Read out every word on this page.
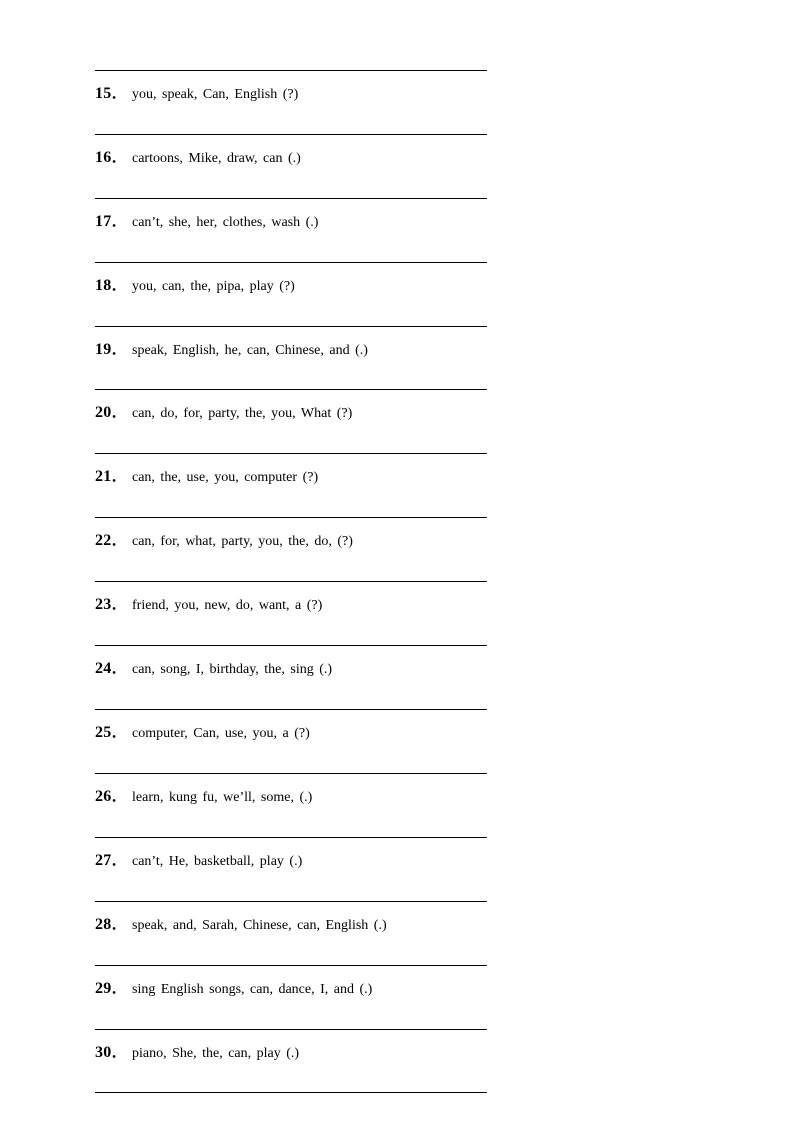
15． you, speak, Can, English (?)
16． cartoons, Mike, draw, can (.)
17． can’t, she, her, clothes, wash (.)
18． you, can, the, pipa, play (?)
19． speak, English, he, can, Chinese, and (.)
20． can, do, for, party, the, you, What (?)
21． can, the, use, you, computer (?)
22． can, for, what, party, you, the, do, (?)
23． friend, you, new, do, want, a (?)
24． can, song, I, birthday, the, sing (.)
25． computer, Can, use, you, a (?)
26． learn, kung fu, we’ll, some, (.)
27． can’t, He, basketball, play (.)
28． speak, and, Sarah, Chinese, can, English (.)
29． sing English songs, can, dance, I, and (.)
30． piano, She, the, can, play (.)
